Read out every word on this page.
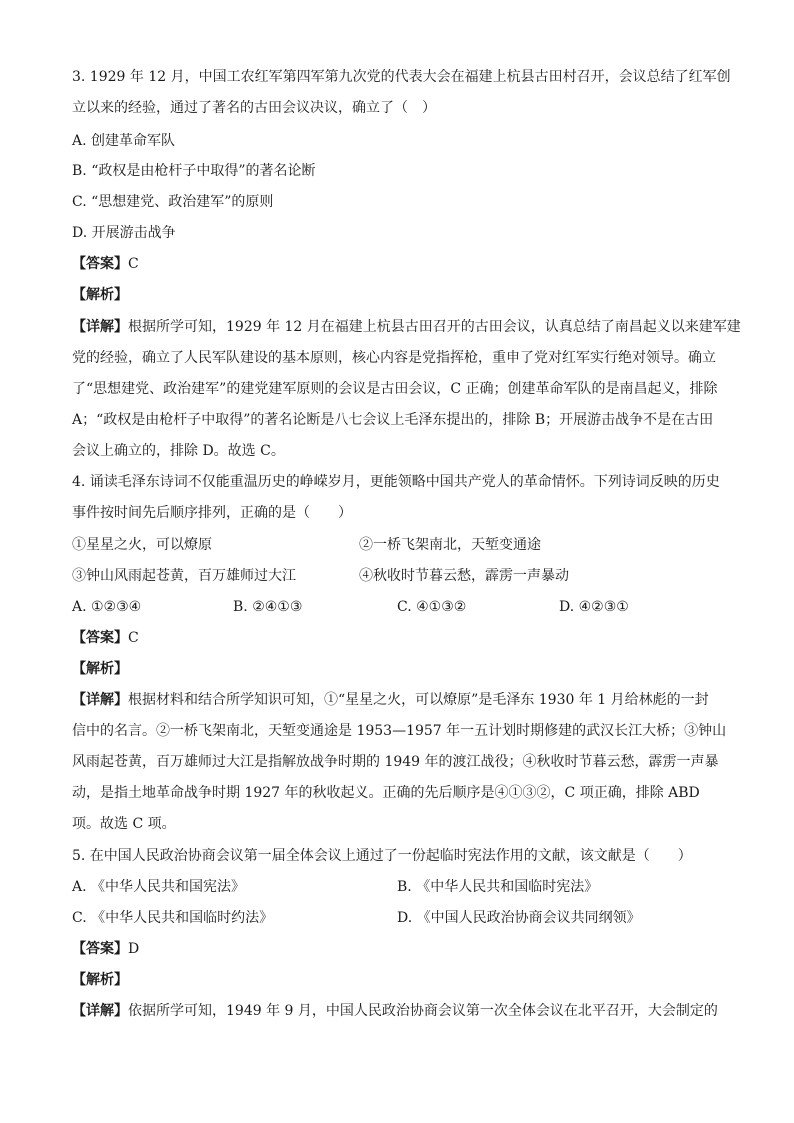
3. 1929 年 12 月，中国工农红军第四军第九次党的代表大会在福建上杭县古田村召开，会议总结了红军创
立以来的经验，通过了著名的古田会议决议，确立了（　）
A. 创建革命军队
B. “政权是由枪杆子中取得”的著名论断
C. “思想建党、政治建军”的原则
D. 开展游击战争
【答案】C
【解析】
【详解】根据所学可知，1929 年 12 月在福建上杭县古田召开的古田会议，认真总结了南昌起义以来建军建
党的经验，确立了人民军队建设的基本原则，核心内容是党指挥枪，重申了党对红军实行绝对领导。确立
了“思想建党、政治建军”的建党建军原则的会议是古田会议，C 正确；创建革命军队的是南昌起义，排除
A；“政权是由枪杆子中取得”的著名论断是八七会议上毛泽东提出的，排除 B；开展游击战争不是在古田
会议上确立的，排除 D。故选 C。
4. 诵读毛泽东诗词不仅能重温历史的峥嵘岁月，更能领略中国共产党人的革命情怀。下列诗词反映的历史
事件按时间先后顺序排列，正确的是（　　）
①星星之火，可以燎原	②一桥飞架南北，天堑变通途
③钟山风雨起苍黄，百万雄师过大江	④秋收时节暮云愁，霹雳一声暴动
A. ①②③④	B. ②④①③	C. ④①③②	D. ④②③①
【答案】C
【解析】
【详解】根据材料和结合所学知识可知，①“星星之火，可以燎原”是毛泽东 1930 年 1 月给林彪的一封
信中的名言。②一桥飞架南北，天堑变通途是 1953—1957 年一五计划时期修建的武汉长江大桥；③钟山
风雨起苍黄，百万雄师过大江是指解放战争时期的 1949 年的渡江战役；④秋收时节暮云愁，霹雳一声暴
动，是指土地革命战争时期 1927 年的秋收起义。正确的先后顺序是④①③②，C 项正确，排除 ABD
项。故选 C 项。
5. 在中国人民政治协商会议第一届全体会议上通过了一份起临时宪法作用的文献，该文献是（　　）
A. 《中华人民共和国宪法》	B. 《中华人民共和国临时宪法》
C. 《中华人民共和国临时约法》	D. 《中国人民政治协商会议共同纲领》
【答案】D
【解析】
【详解】依据所学可知，1949 年 9 月，中国人民政治协商会议第一次全体会议在北平召开，大会制定的
